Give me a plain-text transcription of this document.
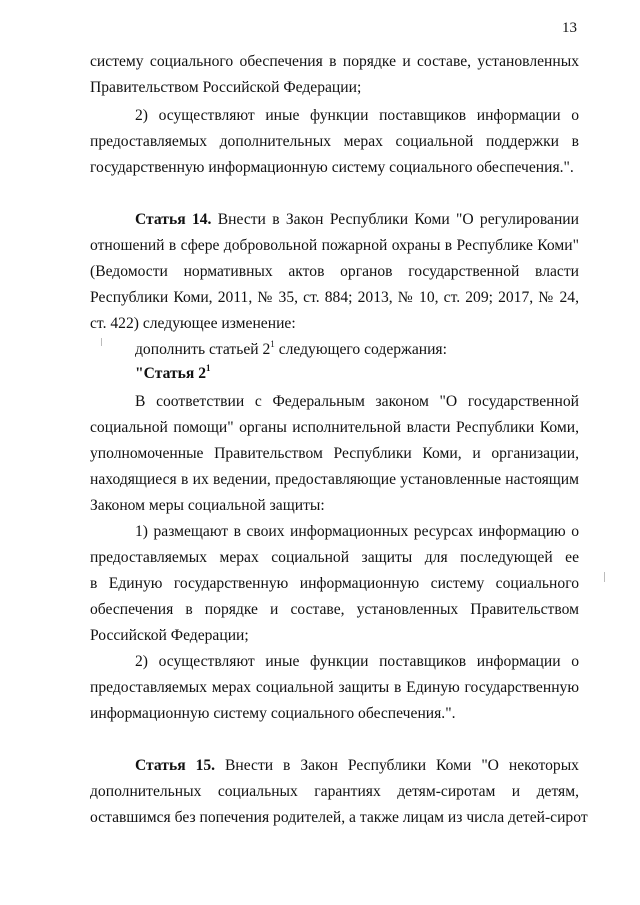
13
систему социального обеспечения в порядке и составе, установленных
Правительством Российской Федерации;
2) осуществляют иные функции поставщиков информации о
предоставляемых дополнительных мерах социальной поддержки в
государственную информационную систему социального обеспечения.".
Статья 14. Внести в Закон Республики Коми "О регулировании
отношений в сфере добровольной пожарной охраны в Республике Коми"
(Ведомости нормативных актов органов государственной власти
Республики Коми, 2011, № 35, ст. 884; 2013, № 10, ст. 209; 2017, № 24,
ст. 422) следующее изменение:
дополнить статьей $2^1$ следующего содержания:
"Статья $2^1$
В соответствии с Федеральным законом "О государственной
социальной помощи" органы исполнительной власти Республики Коми,
уполномоченные Правительством Республики Коми, и организации,
находящиеся в их ведении, предоставляющие установленные настоящим
Законом меры социальной защиты:
1) размещают в своих информационных ресурсах информацию о
предоставляемых мерах социальной защиты для последующей ее
в Единую государственную информационную систему социального
обеспечения в порядке и составе, установленных Правительством
Российской Федерации;
2) осуществляют иные функции поставщиков информации о
предоставляемых мерах социальной защиты в Единую государственную
информационную систему социального обеспечения.".
Статья 15. Внести в Закон Республики Коми "О некоторых
дополнительных социальных гарантиях детям-сиротам и детям,
оставшимся без попечения родителей, а также лицам из числа детей-сирот
